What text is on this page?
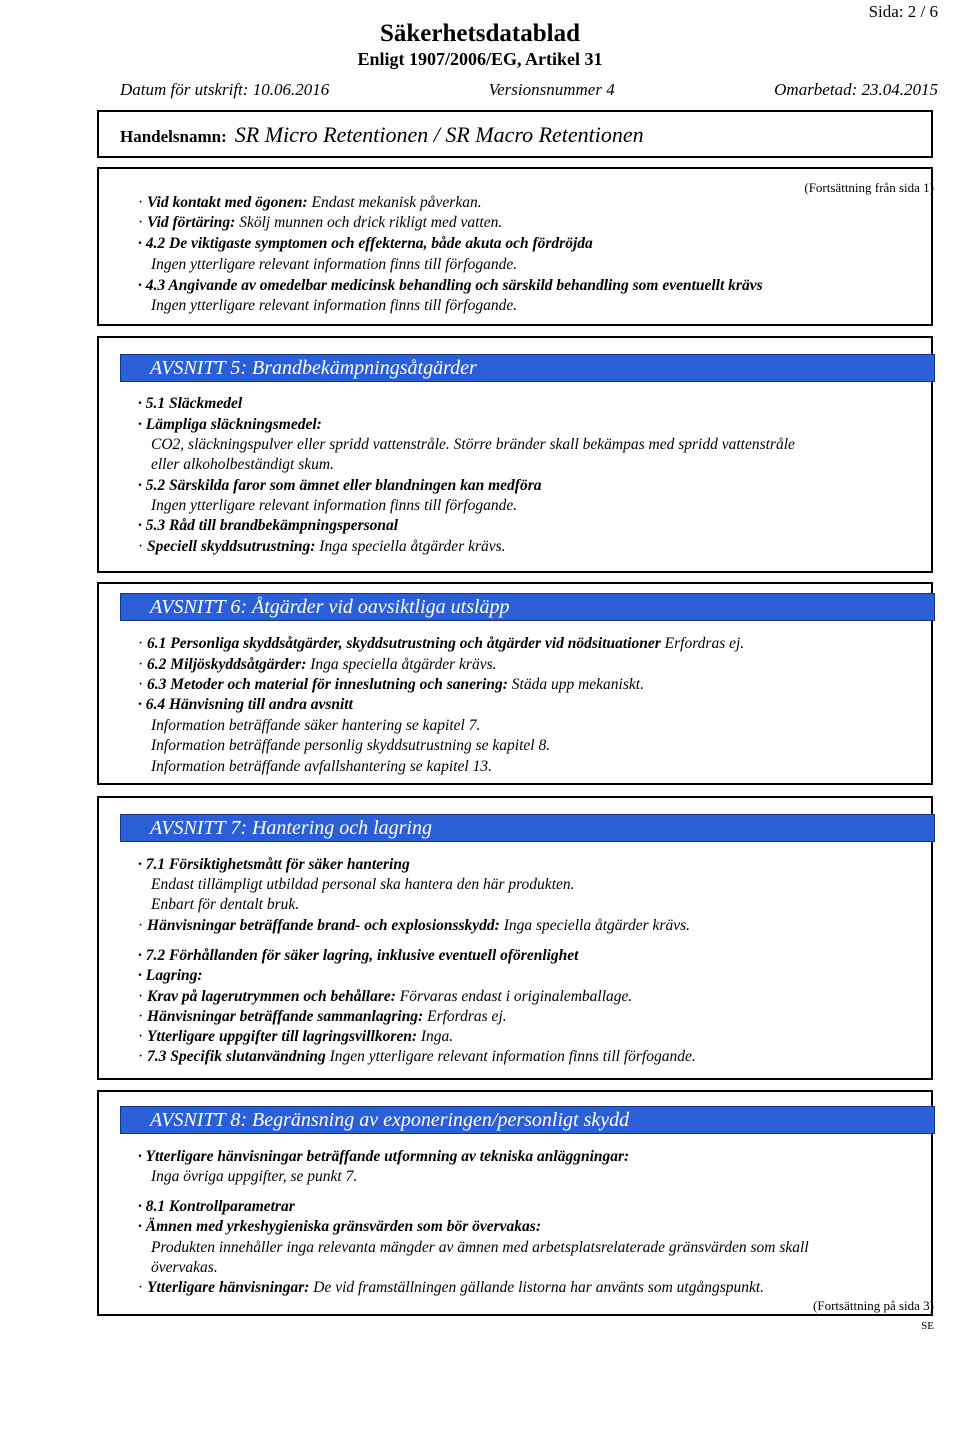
Sida: 2 / 6
Säkerhetsdatablad
Enligt 1907/2006/EG, Artikel 31
Datum för utskrift: 10.06.2016	Versionsnummer 4	Omarbetad: 23.04.2015
Handelsnamn: SR Micro Retentionen / SR Macro Retentionen
(Fortsättning från sida 1)
· Vid kontakt med ögonen: Endast mekanisk påverkan.
· Vid förtäring: Skölj munnen och drick rikligt med vatten.
· 4.2 De viktigaste symptomen och effekterna, både akuta och fördröjda
Ingen ytterligare relevant information finns till förfogande.
· 4.3 Angivande av omedelbar medicinsk behandling och särskild behandling som eventuellt krävs
Ingen ytterligare relevant information finns till förfogande.
AVSNITT 5: Brandbekämpningsåtgärder
· 5.1 Släckmedel
· Lämpliga släckningsmedel:
CO2, släckningspulver eller spridd vattenstråle. Större bränder skall bekämpas med spridd vattenstråle
eller alkoholbeständigt skum.
· 5.2 Särskilda faror som ämnet eller blandningen kan medföra
Ingen ytterligare relevant information finns till förfogande.
· 5.3 Råd till brandbekämpningspersonal
· Speciell skyddsutrustning: Inga speciella åtgärder krävs.
AVSNITT 6: Åtgärder vid oavsiktliga utsläpp
· 6.1 Personliga skyddsåtgärder, skyddsutrustning och åtgärder vid nödsituationer Erfordras ej.
· 6.2 Miljöskyddsåtgärder: Inga speciella åtgärder krävs.
· 6.3 Metoder och material för inneslutning och sanering: Städa upp mekaniskt.
· 6.4 Hänvisning till andra avsnitt
Information beträffande säker hantering se kapitel 7.
Information beträffande personlig skyddsutrustning se kapitel 8.
Information beträffande avfallshantering se kapitel 13.
AVSNITT 7: Hantering och lagring
· 7.1 Försiktighetsmått för säker hantering
Endast tillämpligt utbildad personal ska hantera den här produkten.
Enbart för dentalt bruk.
· Hänvisningar beträffande brand- och explosionsskydd: Inga speciella åtgärder krävs.
· 7.2 Förhållanden för säker lagring, inklusive eventuell oförenlighet
· Lagring:
· Krav på lagerutrymmen och behållare: Förvaras endast i originalemballage.
· Hänvisningar beträffande sammanlagring: Erfordras ej.
· Ytterligare uppgifter till lagringsvillkoren: Inga.
· 7.3 Specifik slutanvändning Ingen ytterligare relevant information finns till förfogande.
AVSNITT 8: Begränsning av exponeringen/personligt skydd
· Ytterligare hänvisningar beträffande utformning av tekniska anläggningar:
Inga övriga uppgifter, se punkt 7.
· 8.1 Kontrollparametrar
· Ämnen med yrkeshygieniska gränsvärden som bör övervakas:
Produkten innehåller inga relevanta mängder av ämnen med arbetsplatsrelaterade gränsvärden som skall
övervakas.
· Ytterligare hänvisningar: De vid framställningen gällande listorna har använts som utgångspunkt.
(Fortsättning på sida 3)
SE
